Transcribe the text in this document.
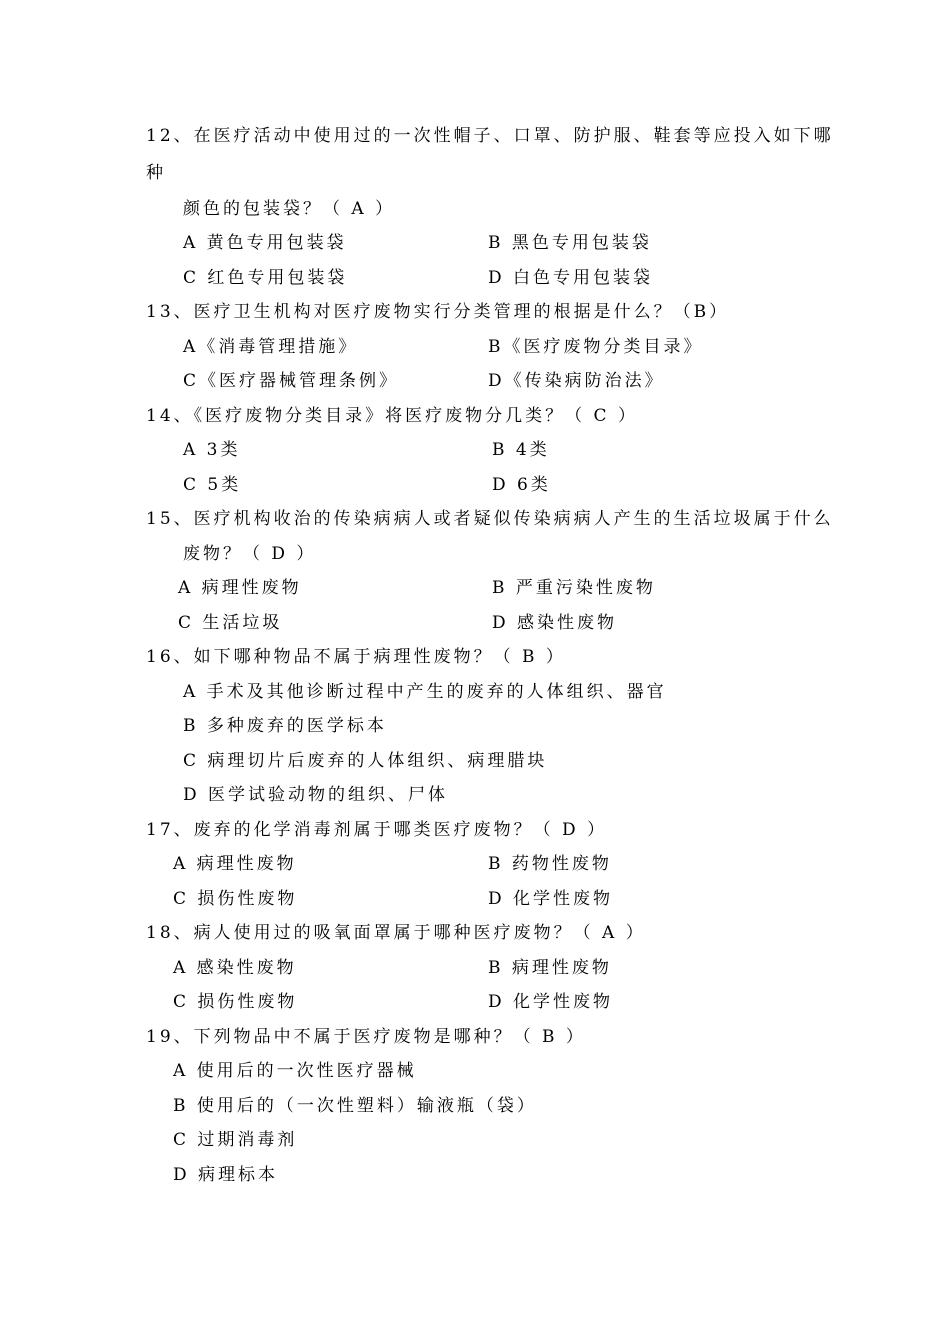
12、在医疗活动中使用过的一次性帽子、口罩、防护服、鞋套等应投入如下哪
种
颜色的包装袋？（ A ）
A 黄色专用包装袋	B 黑色专用包装袋
C 红色专用包装袋	D 白色专用包装袋
13、医疗卫生机构对医疗废物实行分类管理的根据是什么？（B）
A《消毒管理措施》	B《医疗废物分类目录》
C《医疗器械管理条例》	D《传染病防治法》
14、《医疗废物分类目录》将医疗废物分几类？（ C ）
A 3类	B 4类
C 5类	D 6类
15、医疗机构收治的传染病病人或者疑似传染病病人产生的生活垃圾属于什么
废物？（ D ）
A 病理性废物	B 严重污染性废物
C 生活垃圾	D 感染性废物
16、如下哪种物品不属于病理性废物？（ B ）
A 手术及其他诊断过程中产生的废弃的人体组织、器官
B 多种废弃的医学标本
C 病理切片后废弃的人体组织、病理腊块
D 医学试验动物的组织、尸体
17、废弃的化学消毒剂属于哪类医疗废物？（ D ）
A 病理性废物	B 药物性废物
C 损伤性废物	D 化学性废物
18、病人使用过的吸氧面罩属于哪种医疗废物？（ A ）
A 感染性废物	B 病理性废物
C 损伤性废物	D 化学性废物
19、下列物品中不属于医疗废物是哪种？（ B ）
A 使用后的一次性医疗器械
B 使用后的（一次性塑料）输液瓶（袋）
C 过期消毒剂
D 病理标本
